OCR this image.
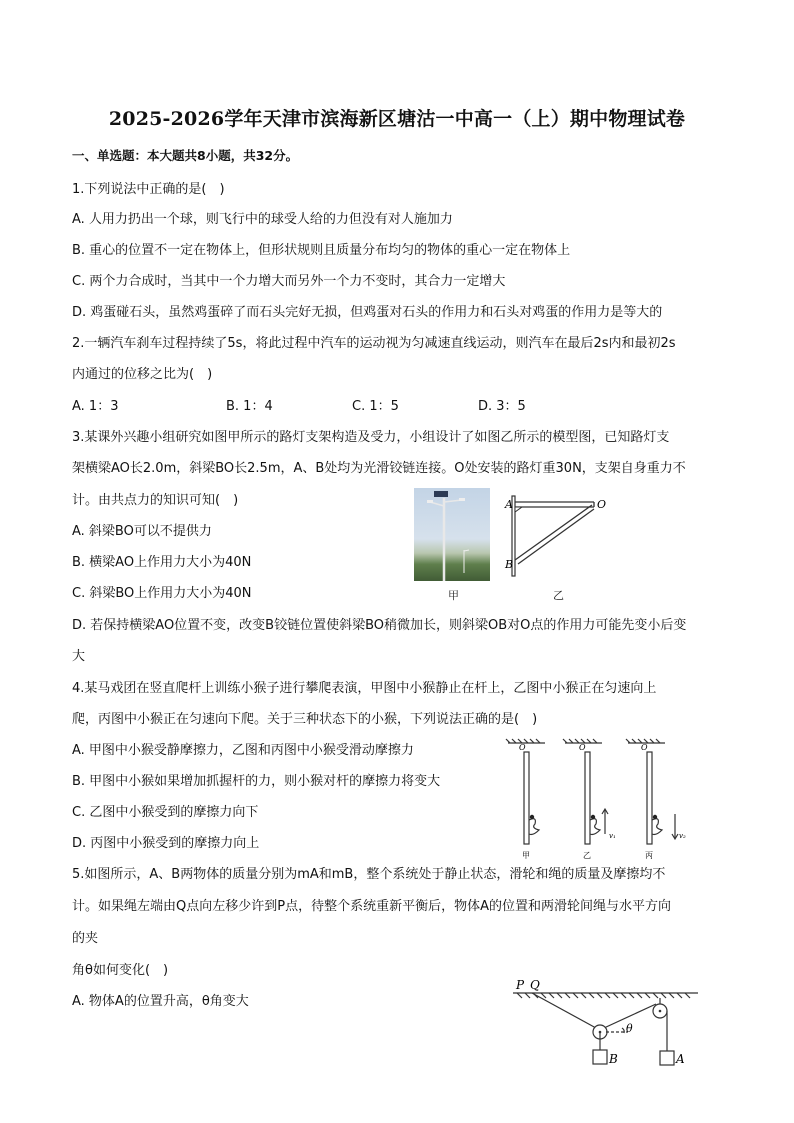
2025-2026学年天津市滨海新区塘沽一中高一（上）期中物理试卷
一、单选题：本大题共8小题，共32分。
1.下列说法中正确的是(　)
A. 人用力扔出一个球，则飞行中的球受人给的力但没有对人施加力
B. 重心的位置不一定在物体上，但形状规则且质量分布均匀的物体的重心一定在物体上
C. 两个力合成时，当其中一个力增大而另外一个力不变时，其合力一定增大
D. 鸡蛋碰石头，虽然鸡蛋碎了而石头完好无损，但鸡蛋对石头的作用力和石头对鸡蛋的作用力是等大的
2.一辆汽车刹车过程持续了5s，将此过程中汽车的运动视为匀减速直线运动，则汽车在最后2s内和最初2s
内通过的位移之比为(　)
A. 1：3	B. 1：4	C. 1：5	D. 3：5
3.某课外兴趣小组研究如图甲所示的路灯支架构造及受力，小组设计了如图乙所示的模型图，已知路灯支
架横梁AO长2.0m，斜梁BO长2.5m，A、B处均为光滑铰链连接。O处安装的路灯重30N，支架自身重力不
计。由共点力的知识可知(　)
A. 斜梁BO可以不提供力
B. 横梁AO上作用力大小为40N
C. 斜梁BO上作用力大小为40N
D. 若保持横梁AO位置不变，改变B铰链位置使斜梁BO稍微加长，则斜梁OB对O点的作用力可能先变小后变
大
甲
A
B
O
乙
4.某马戏团在竖直爬杆上训练小猴子进行攀爬表演，甲图中小猴静止在杆上，乙图中小猴正在匀速向上
爬，丙图中小猴正在匀速向下爬。关于三种状态下的小猴，下列说法正确的是(　)
A. 甲图中小猴受静摩擦力，乙图和丙图中小猴受滑动摩擦力
B. 甲图中小猴如果增加抓握杆的力，则小猴对杆的摩擦力将变大
C. 乙图中小猴受到的摩擦力向下
D. 丙图中小猴受到的摩擦力向上
O	O	O
v₁	v₂
甲	乙	丙
5.如图所示，A、B两物体的质量分别为mA和mB，整个系统处于静止状态，滑轮和绳的质量及摩擦均不
计。如果绳左端由Q点向左移少许到P点，待整个系统重新平衡后，物体A的位置和两滑轮间绳与水平方向
的夹
角θ如何变化(　)
A. 物体A的位置升高，θ角变大
P Q
θ
B	A
